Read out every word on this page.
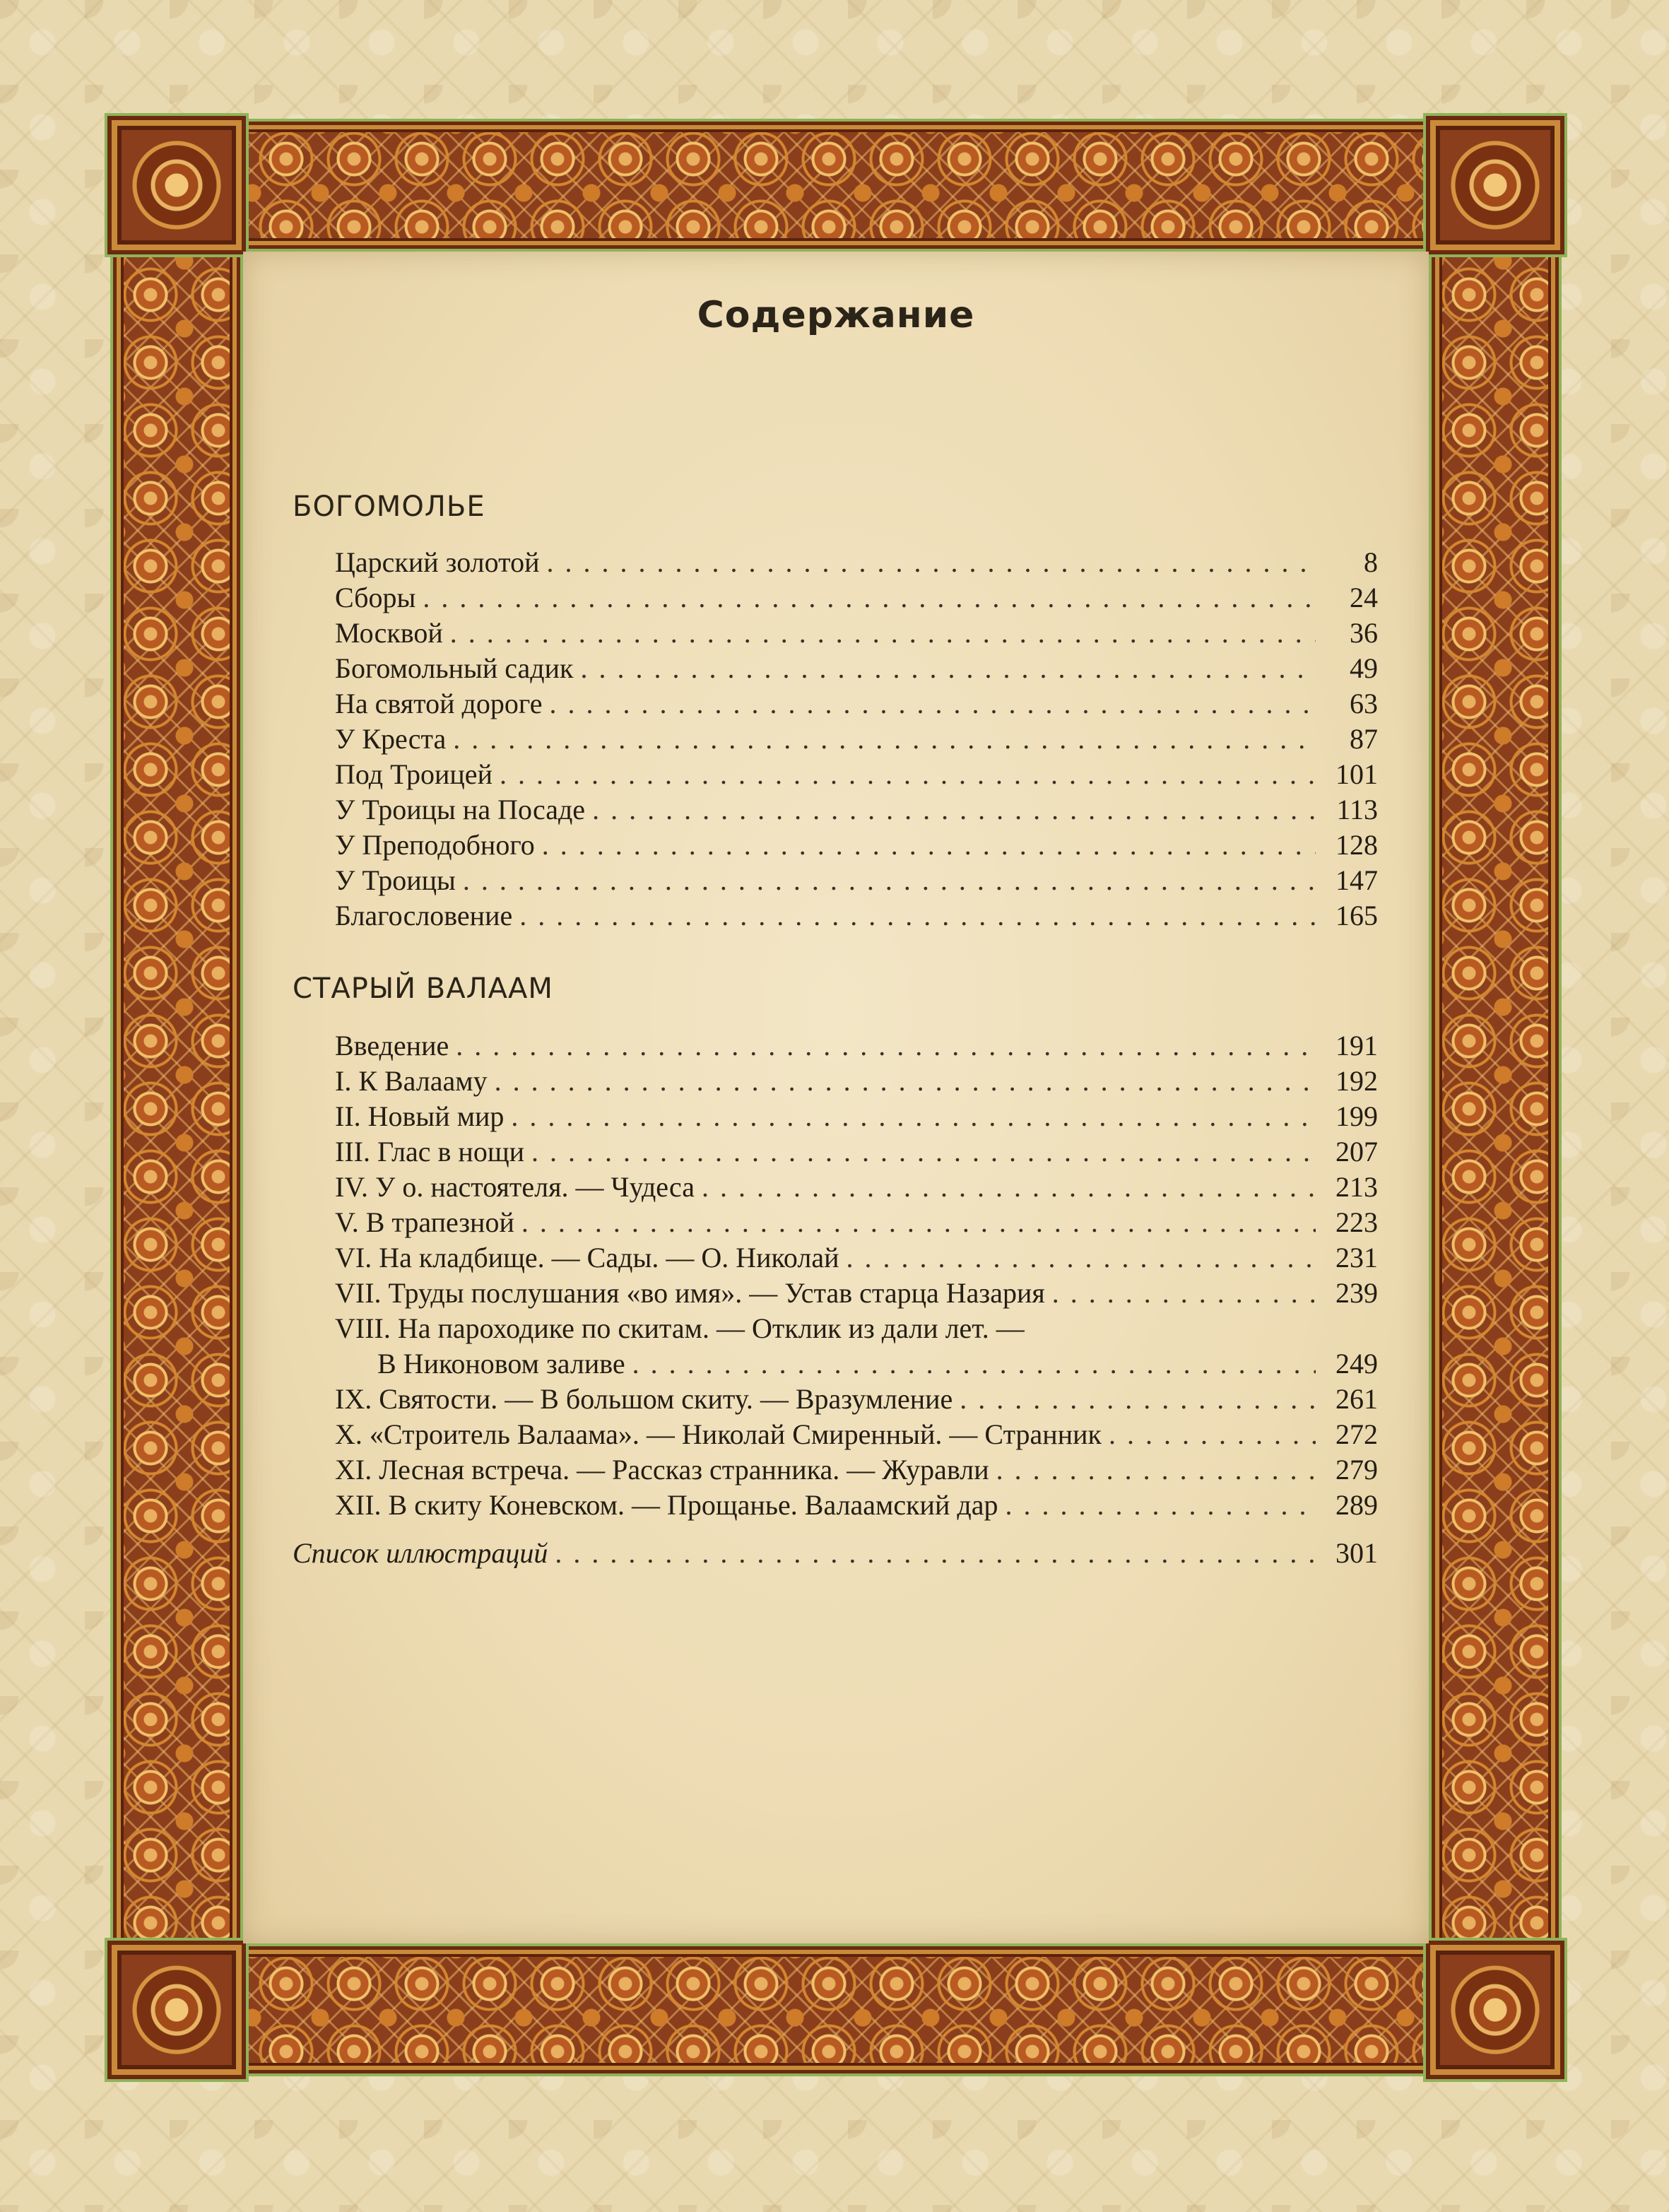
Содержание
БОГОМОЛЬЕ
Царский золотой . . .	8
Сборы . . .	24
Москвой . . .	36
Богомольный садик . . .	49
На святой дороге . . .	63
У Креста . . .	87
Под Троицей . . .	101
У Троицы на Посаде . . .	113
У Преподобного . . .	128
У Троицы . . .	147
Благословение . . .	165
СТАРЫЙ ВАЛААМ
Введение . . .	191
I. К Валааму . . .	192
II. Новый мир . . .	199
III. Глас в нощи . . .	207
IV. У о. настоятеля. — Чудеса . . .	213
V. В трапезной . . .	223
VI. На кладбище. — Сады. — О. Николай . . .	231
VII. Труды послушания «во имя». — Устав старца Назария . . .	239
VIII. На пароходике по скитам. — Отклик из дали лет. —
В Никоновом заливе . . .	249
IX. Святости. — В большом скиту. — Вразумление . . .	261
X. «Строитель Валаама». — Николай Смиренный. — Странник . . .	272
XI. Лесная встреча. — Рассказ странника. — Журавли . . .	279
XII. В скиту Коневском. — Прощанье. Валаамский дар . . .	289
Список иллюстраций . . .	301
